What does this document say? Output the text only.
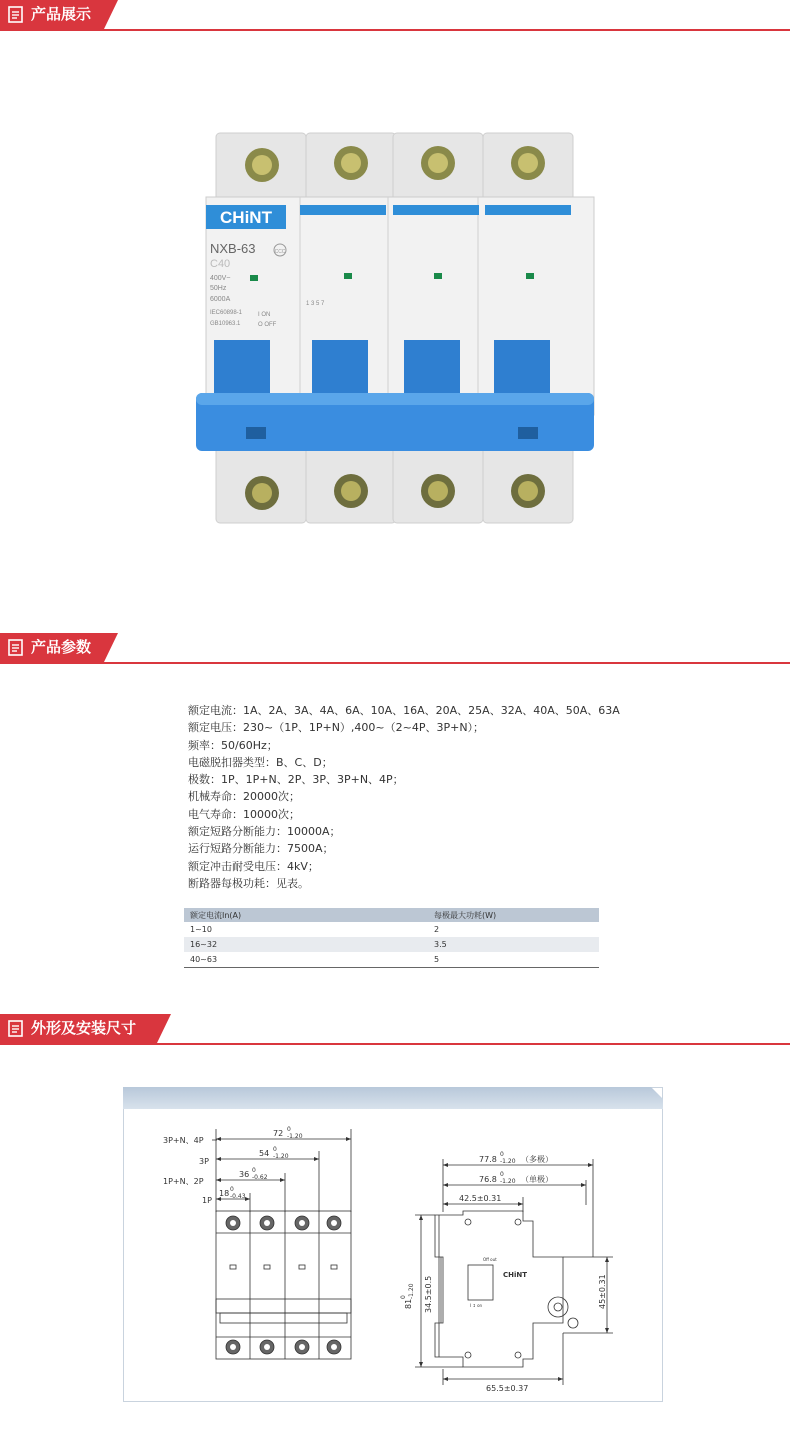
产品展示
CHiNT
NXB-63	CCC
C40
400V~
50Hz
6000A
IEC60898-1
GB10963.1
I ON
O OFF
1 3 5 7
产品参数

额定电流：1A、2A、3A、4A、6A、10A、16A、20A、25A、32A、40A、50A、63A

额定电压：230~（1P、1P+N）,400~（2~4P、3P+N）；

频率：50/60Hz；

电磁脱扣器类型：B、C、D；

极数：1P、1P+N、2P、3P、3P+N、4P；

机械寿命：20000次；

电气寿命：10000次；

额定短路分断能力：10000A；

运行短路分断能力：7500A；

额定冲击耐受电压：4kV；

断路器每极功耗：见表。

额定电流In(A)	每极最大功耗(W)
1~10	2
16~32	3.5
40~63	5
外形及安装尺寸
3P+N、4P
3P
1P+N、2P
1P
72 0
-1.20
54 0
-1.20
36 0
-0.62
18 0
-0.43
77.8
0
-1.20 （多极）
76.8
0
-1.20 （单极）
42.5±0.31
65.5±0.37
81
0 -1.20 34.5±0.5	45±0.31
CHiNT
Off out
I ↕ on
